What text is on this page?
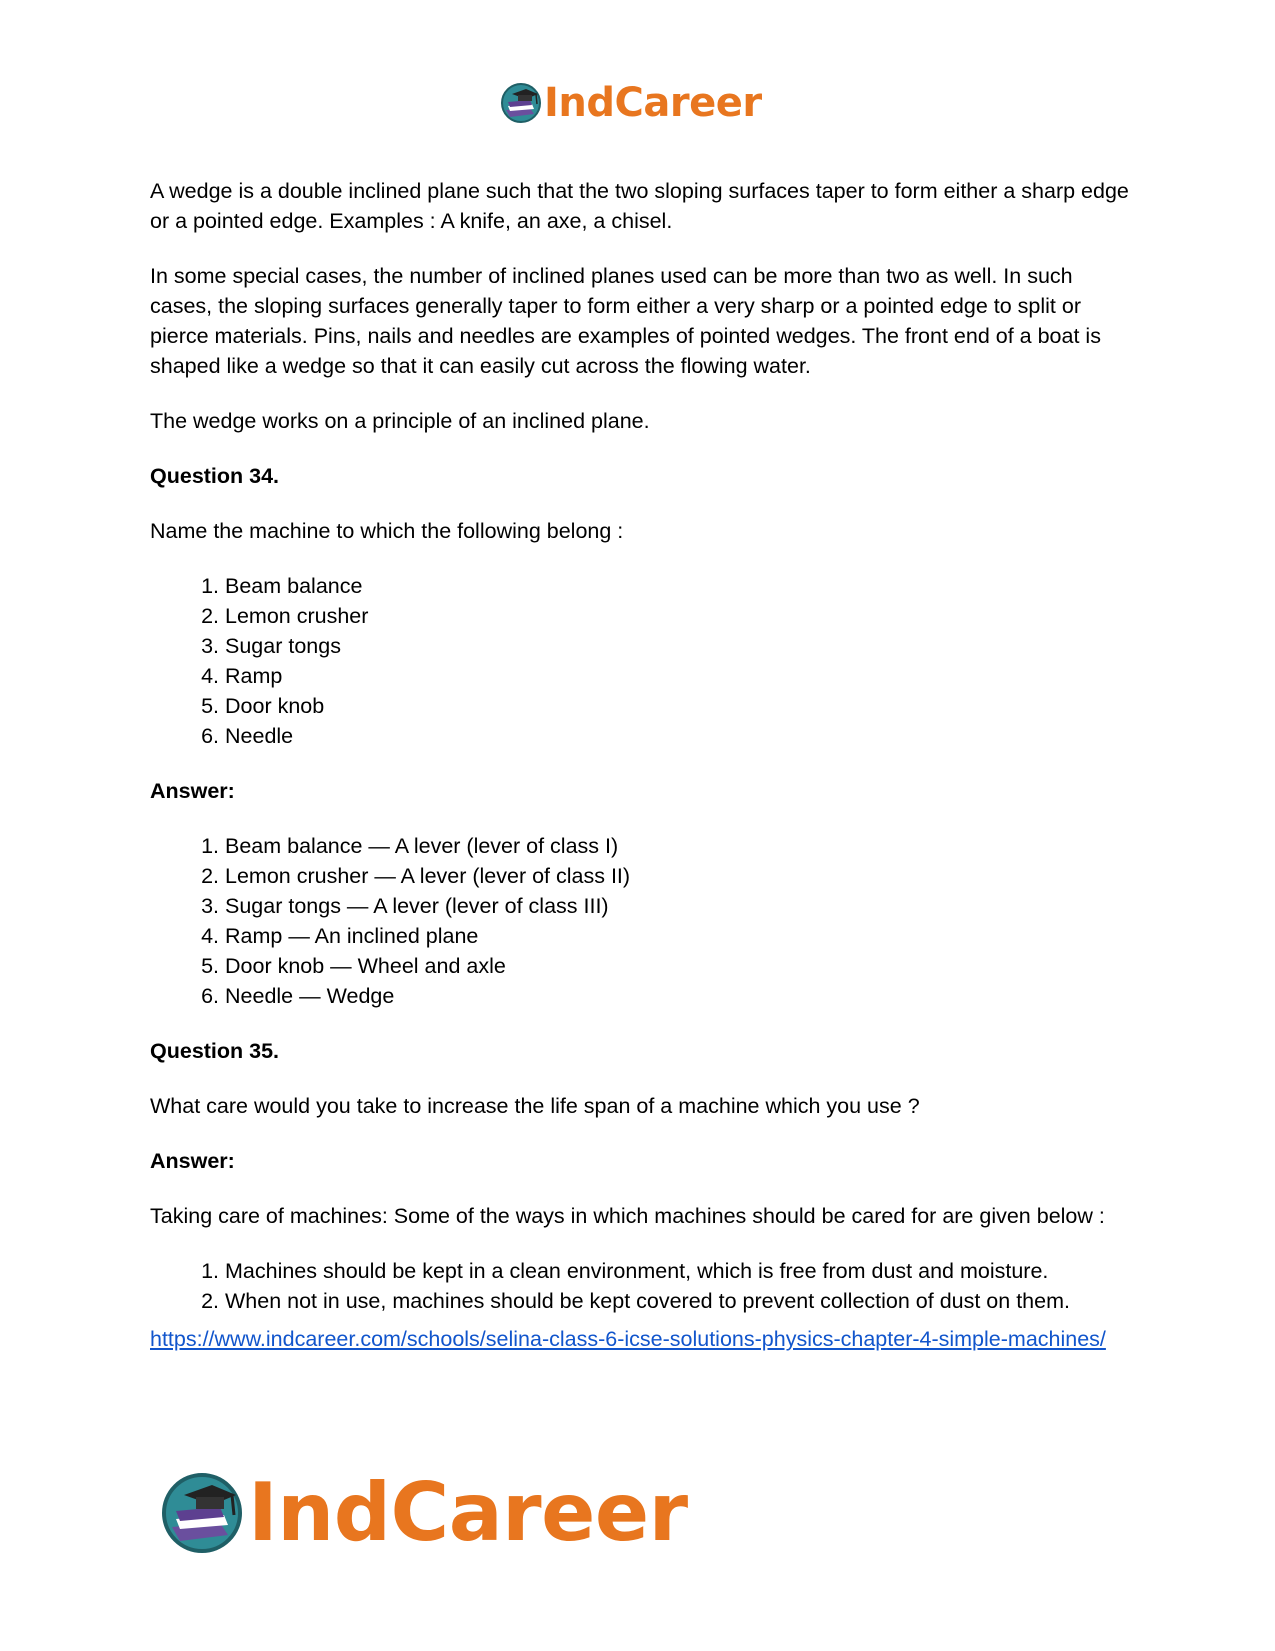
IndCareer

A wedge is a double inclined plane such that the two sloping surfaces taper to form either a sharp edge or a pointed edge. Examples : A knife, an axe, a chisel.

In some special cases, the number of inclined planes used can be more than two as well. In such cases, the sloping surfaces generally taper to form either a very sharp or a pointed edge to split or pierce materials. Pins, nails and needles are examples of pointed wedges. The front end of a boat is shaped like a wedge so that it can easily cut across the flowing water.

The wedge works on a principle of an inclined plane.

Question 34.

Name the machine to which the following belong :

1. Beam balance
2. Lemon crusher
3. Sugar tongs
4. Ramp
5. Door knob
6. Needle

Answer:

1. Beam balance — A lever (lever of class I)
2. Lemon crusher — A lever (lever of class II)
3. Sugar tongs — A lever (lever of class III)
4. Ramp — An inclined plane
5. Door knob — Wheel and axle
6. Needle — Wedge

Question 35.

What care would you take to increase the life span of a machine which you use ?

Answer:

Taking care of machines: Some of the ways in which machines should be cared for are given below :

1. Machines should be kept in a clean environment, which is free from dust and moisture.
2. When not in use, machines should be kept covered to prevent collection of dust on them.
https://www.indcareer.com/schools/selina-class-6-icse-solutions-physics-chapter-4-simple-machines/
IndCareer
